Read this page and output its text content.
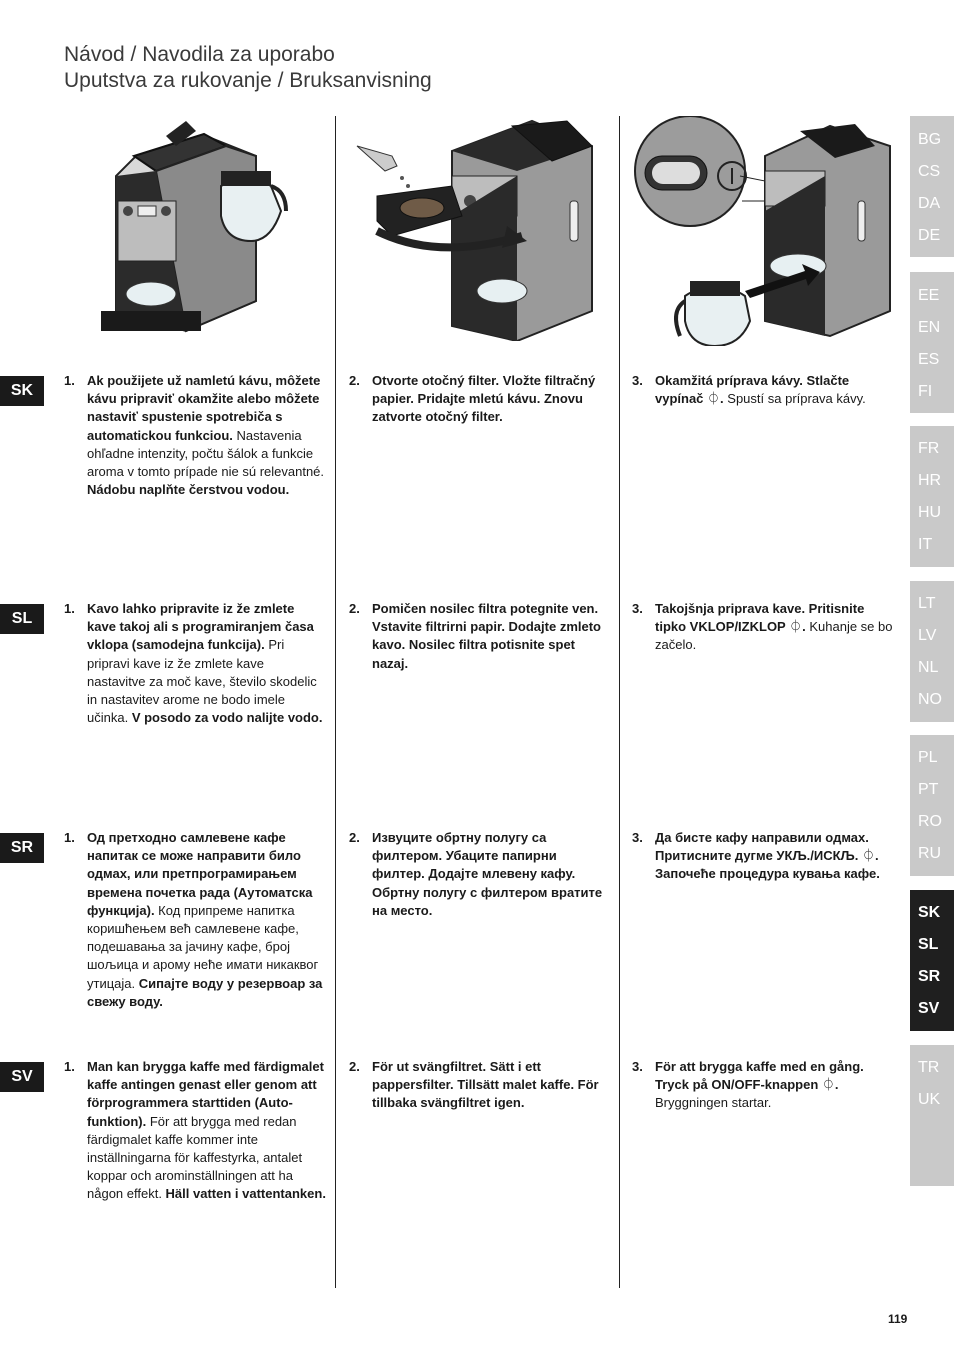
Návod / Navodila za uporabo
Uputstva za rukovanje / Bruksanvisning
SK
SL
SR
SV
1. Ak použijete už namletú kávu, môžete kávu pripraviť okamžite alebo môžete nastaviť spustenie spotrebiča s automatickou funkciou. Nastavenia ohľadne intenzity, počtu šálok a funkcie aroma v tomto prípade nie sú relevantné. Nádobu naplňte čerstvou vodou.
2. Otvorte otočný filter. Vložte filtračný papier. Pridajte mletú kávu. Znovu zatvorte otočný filter.
3. Okamžitá príprava kávy. Stlačte vypínač ⏀. Spustí sa príprava kávy.
1. Kavo lahko pripravite iz že zmlete kave takoj ali s programiranjem časa vklopa (samodejna funkcija). Pri pripravi kave iz že zmlete kave nastavitve za moč kave, število skodelic in nastavitev arome ne bodo imele učinka. V posodo za vodo nalijte vodo.
2. Pomičen nosilec filtra potegnite ven. Vstavite filtrirni papir. Dodajte zmleto kavo. Nosilec filtra potisnite spet nazaj.
3. Takojšnja priprava kave. Pritisnite tipko VKLOP/IZKLOP ⏀. Kuhanje se bo začelo.
1. Од претходно самлевене кафе напитак се може направити било одмах, или претпрограмирањем времена почетка рада (Аутоматска функција). Код припреме напитка коришћењем већ самлевене кафе, подешавања за јачину кафе, број шољица и арому неће имати никаквог утицаја. Сипајте воду у резервоар за свежу воду.
2. Извуците обртну полугу са филтером. Убаците папирни филтер. Додајте млевену кафу. Обртну полугу с филтером вратите на место.
3. Да бисте кафу направили одмах. Притисните дугме УКЉ./ИСКЉ. ⏀. Започеће процедура кувања кафе.
1. Man kan brygga kaffe med färdigmalet kaffe antingen genast eller genom att förprogrammera starttiden (Auto-funktion). För att brygga med redan färdigmalet kaffe kommer inte inställningarna för kaffestyrka, antalet koppar och arominställningen att ha någon effekt. Häll vatten i vattentanken.
2. För ut svängfiltret. Sätt i ett pappersfilter. Tillsätt malet kaffe. För tillbaka svängfiltret igen.
3. För att brygga kaffe med en gång. Tryck på ON/OFF-knappen ⏀. Bryggningen startar.
BG
CS
DA
DE
EE
EN
ES
FI
FR
HR
HU
IT
LT
LV
NL
NO
PL
PT
RO
RU
SK
SL
SR
SV
TR
UK
119
